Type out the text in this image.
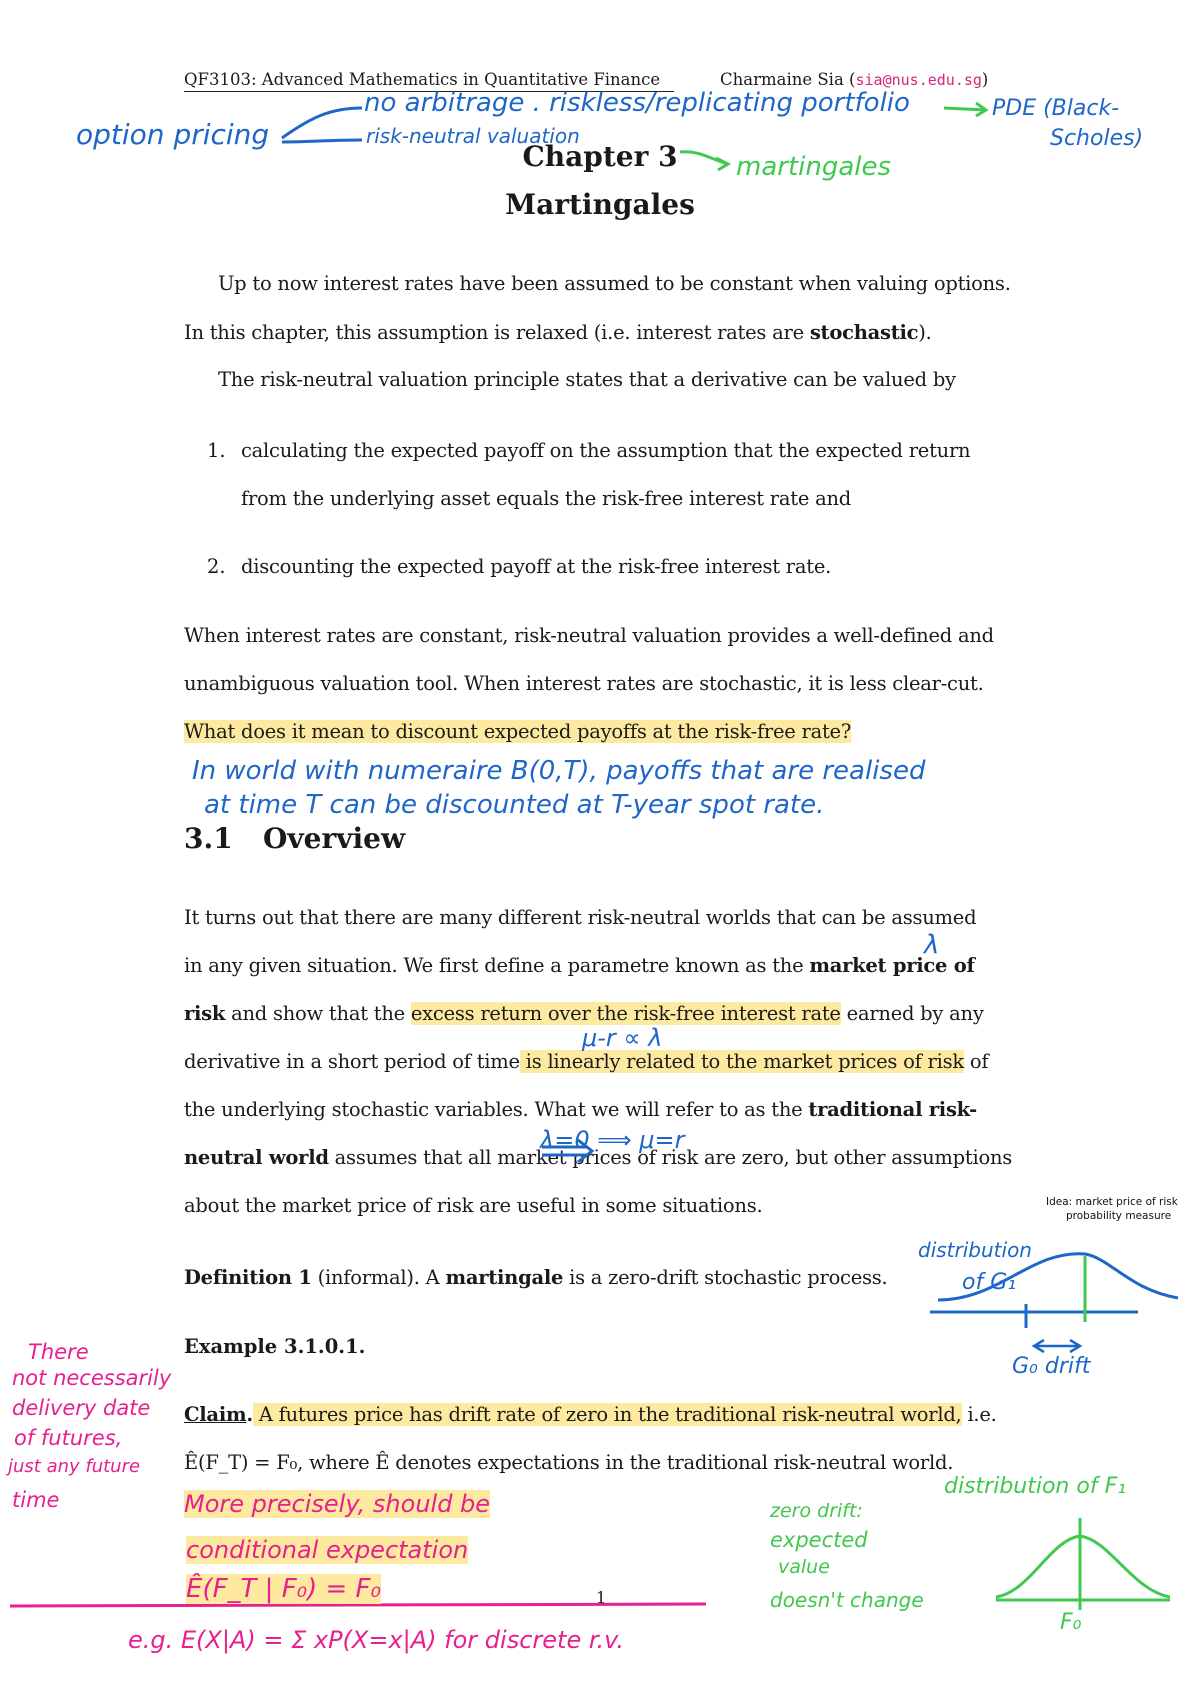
QF3103: Advanced Mathematics in Quantitative Finance	Charmaine Sia (sia@nus.edu.sg)
Chapter 3
Martingales
Up to now interest rates have been assumed to be constant when valuing options.
In this chapter, this assumption is relaxed (i.e. interest rates are stochastic).
The risk-neutral valuation principle states that a derivative can be valued by
1. calculating the expected payoff on the assumption that the expected return
from the underlying asset equals the risk-free interest rate and
2. discounting the expected payoff at the risk-free interest rate.
When interest rates are constant, risk-neutral valuation provides a well-defined and
unambiguous valuation tool. When interest rates are stochastic, it is less clear-cut.
What does it mean to discount expected payoffs at the risk-free rate?
3.1 Overview
It turns out that there are many different risk-neutral worlds that can be assumed
in any given situation. We first define a parametre known as the market price of
risk and show that the excess return over the risk-free interest rate earned by any
derivative in a short period of time is linearly related to the market prices of risk of
the underlying stochastic variables. What we will refer to as the traditional risk-
neutral world assumes that all market prices of risk are zero, but other assumptions
about the market price of risk are useful in some situations.	Idea: market price of risk
probability measure
Definition 1 (informal). A martingale is a zero-drift stochastic process.
Example 3.1.0.1.
Claim. A futures price has drift rate of zero in the traditional risk-neutral world, i.e.
Ê(F_T) = F₀, where Ê denotes expectations in the traditional risk-neutral world.
1
option pricing
no arbitrage . riskless/replicating portfolio	PDE (Black-
Scholes)
risk-neutral valuation
martingales
In world with numeraire B(0,T), payoffs that are realised
at time T can be discounted at T-year spot rate.
λ
μ-r ∝ λ
λ=0 ⟹ μ=r
distribution
of G₁
G₀ drift
There
not necessarily
delivery date
of futures,
just any future
time	More precisely, should be
conditional expectation
Ê(F_T | F₀) = F₀
distribution of F₁
zero drift:
expected
value
doesn't change
F₀
e.g. E(X|A) = Σ xP(X=x|A) for discrete r.v.
